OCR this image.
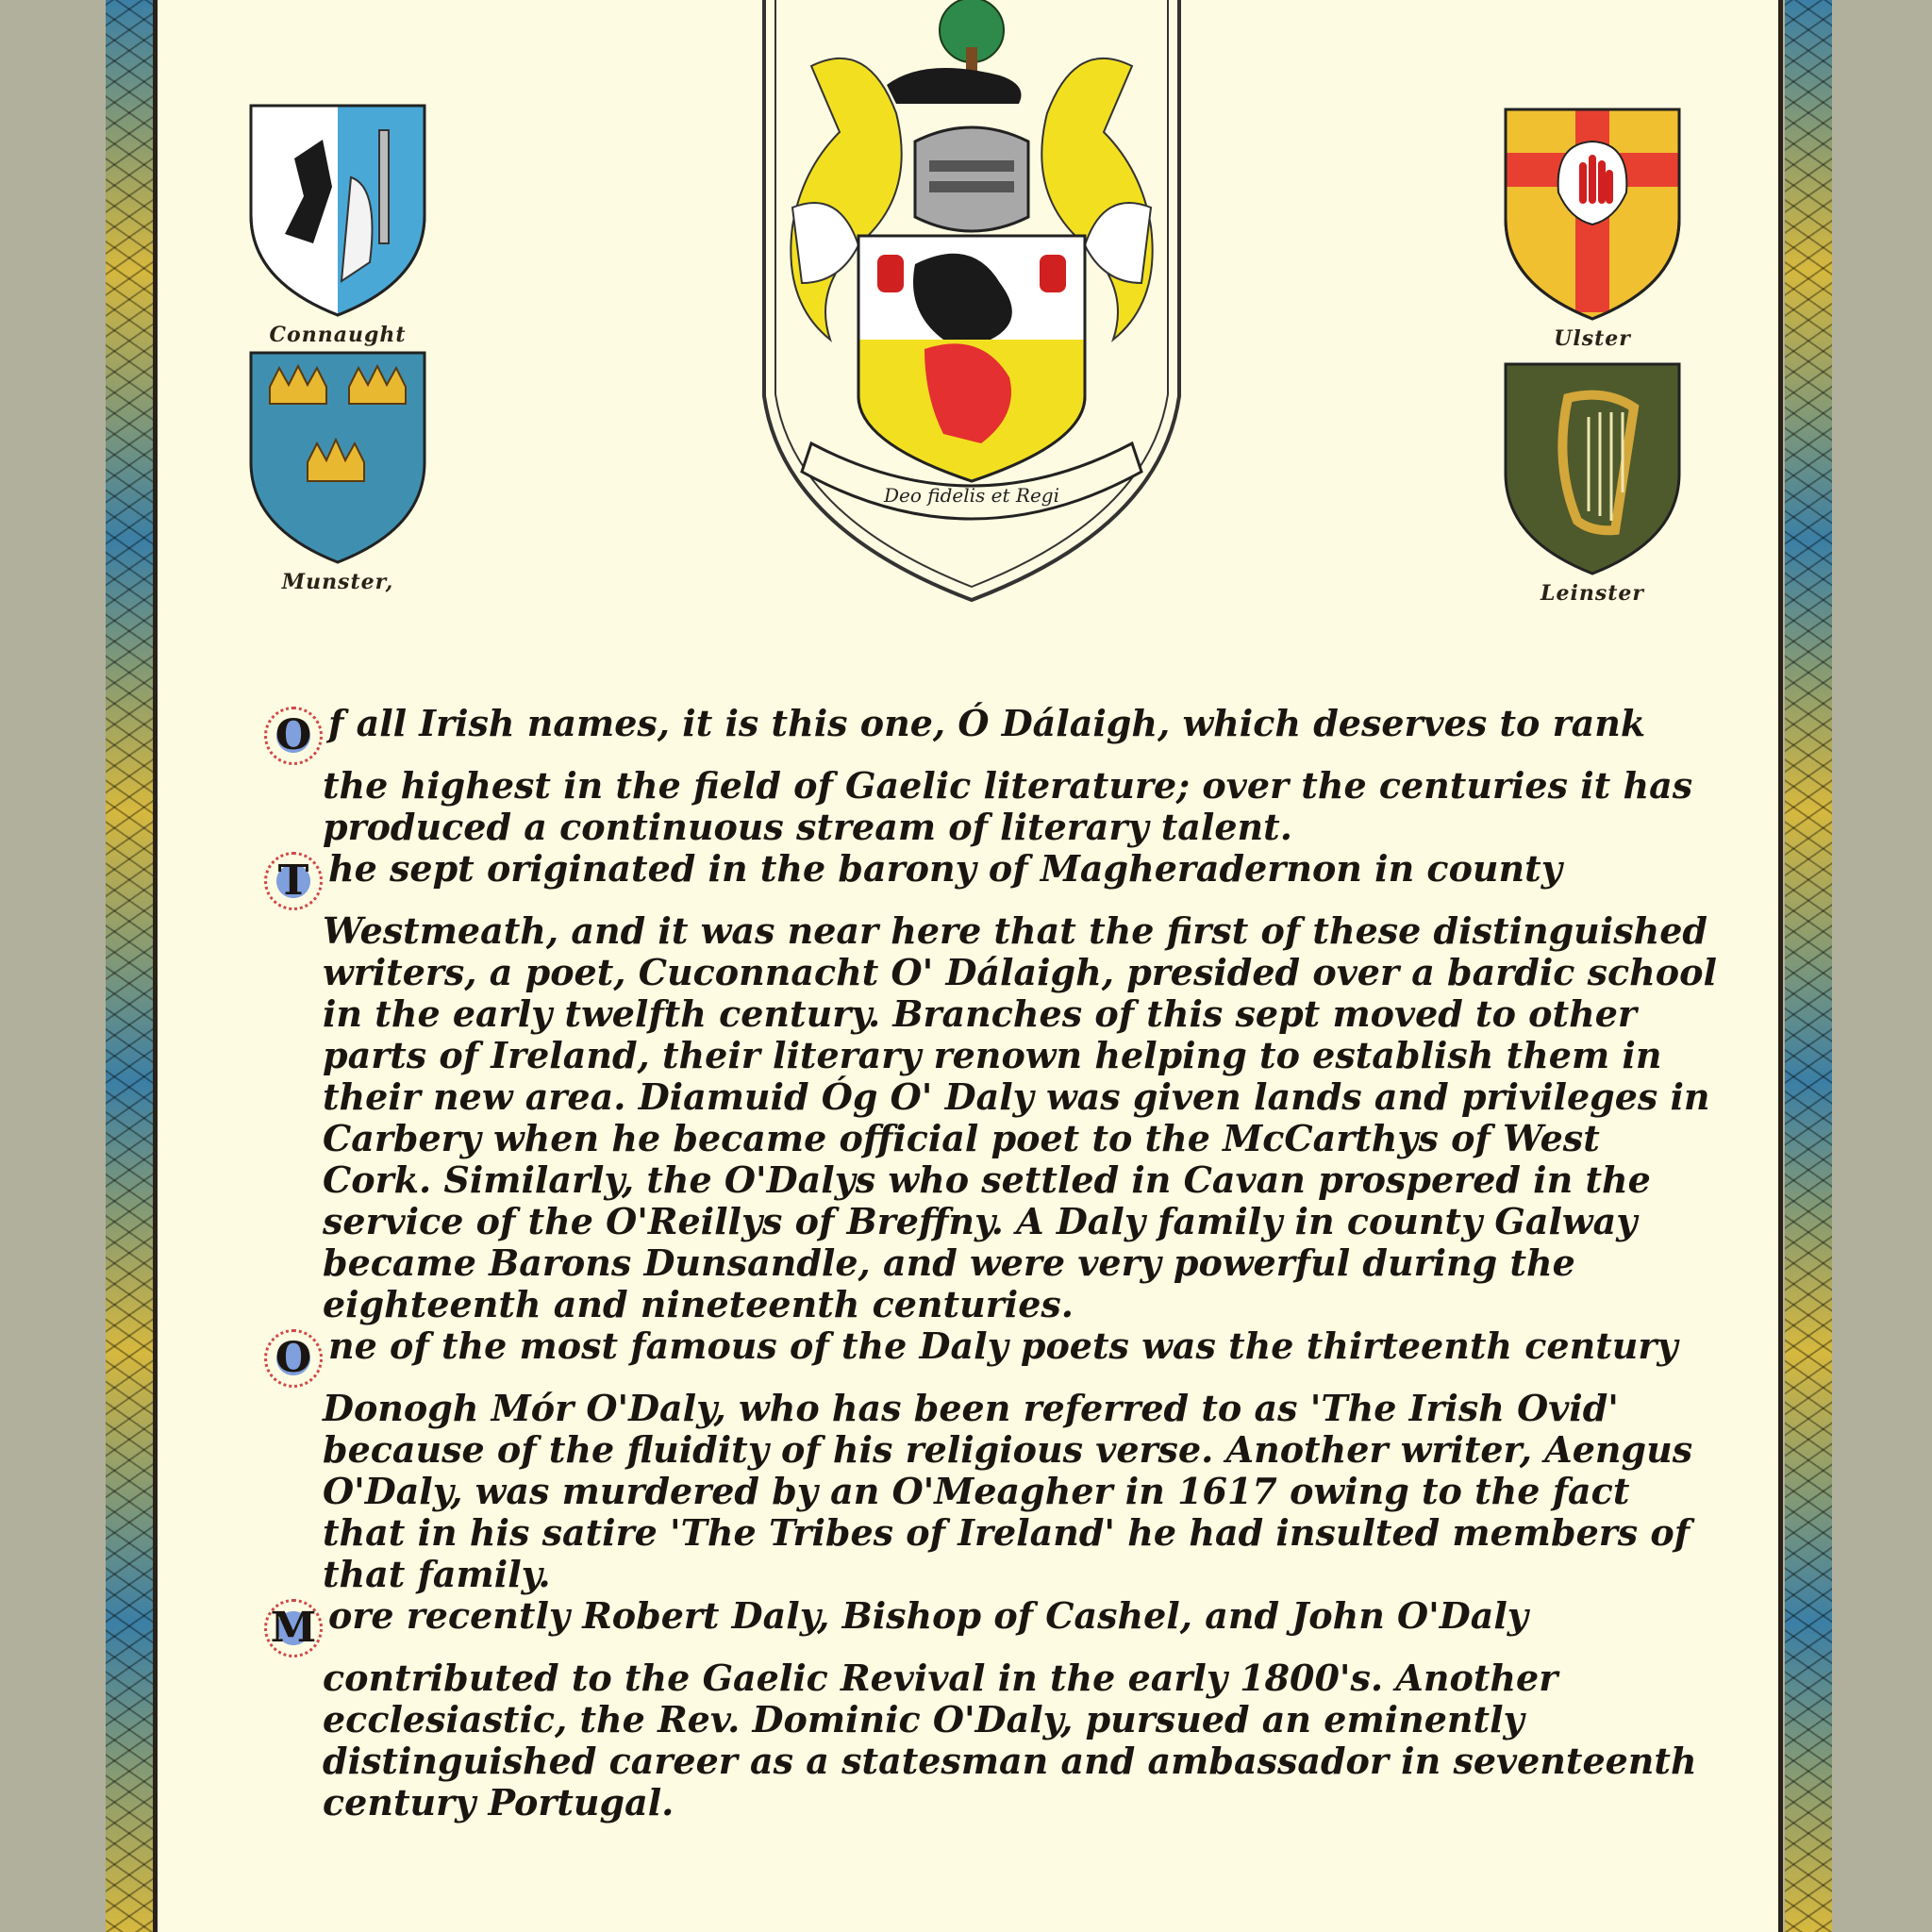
Connaught
Munster,
Ulster
Leinster
Deo fidelis et Regi

O f all Irish names, it is this one, Ó Dálaigh, which deserves to rank the highest in the field of Gaelic literature; over the centuries it has produced a continuous stream of literary talent.

T he sept originated in the barony of Magheradernon in county Westmeath, and it was near here that the first of these distinguished writers, a poet, Cuconnacht O' Dálaigh, presided over a bardic school in the early twelfth century. Branches of this sept moved to other parts of Ireland, their literary renown helping to establish them in their new area. Diamuid Óg O' Daly was given lands and privileges in Carbery when he became official poet to the McCarthys of West Cork. Similarly, the O'Dalys who settled in Cavan prospered in the service of the O'Reillys of Breffny. A Daly family in county Galway became Barons Dunsandle, and were very powerful during the eighteenth and nineteenth centuries.

O ne of the most famous of the Daly poets was the thirteenth century Donogh Mór O'Daly, who has been referred to as 'The Irish Ovid' because of the fluidity of his religious verse. Another writer, Aengus O'Daly, was murdered by an O'Meagher in 1617 owing to the fact that in his satire 'The Tribes of Ireland' he had insulted members of that family.

M ore recently Robert Daly, Bishop of Cashel, and John O'Daly contributed to the Gaelic Revival in the early 1800's. Another ecclesiastic, the Rev. Dominic O'Daly, pursued an eminently distinguished career as a statesman and ambassador in seventeenth century Portugal.
